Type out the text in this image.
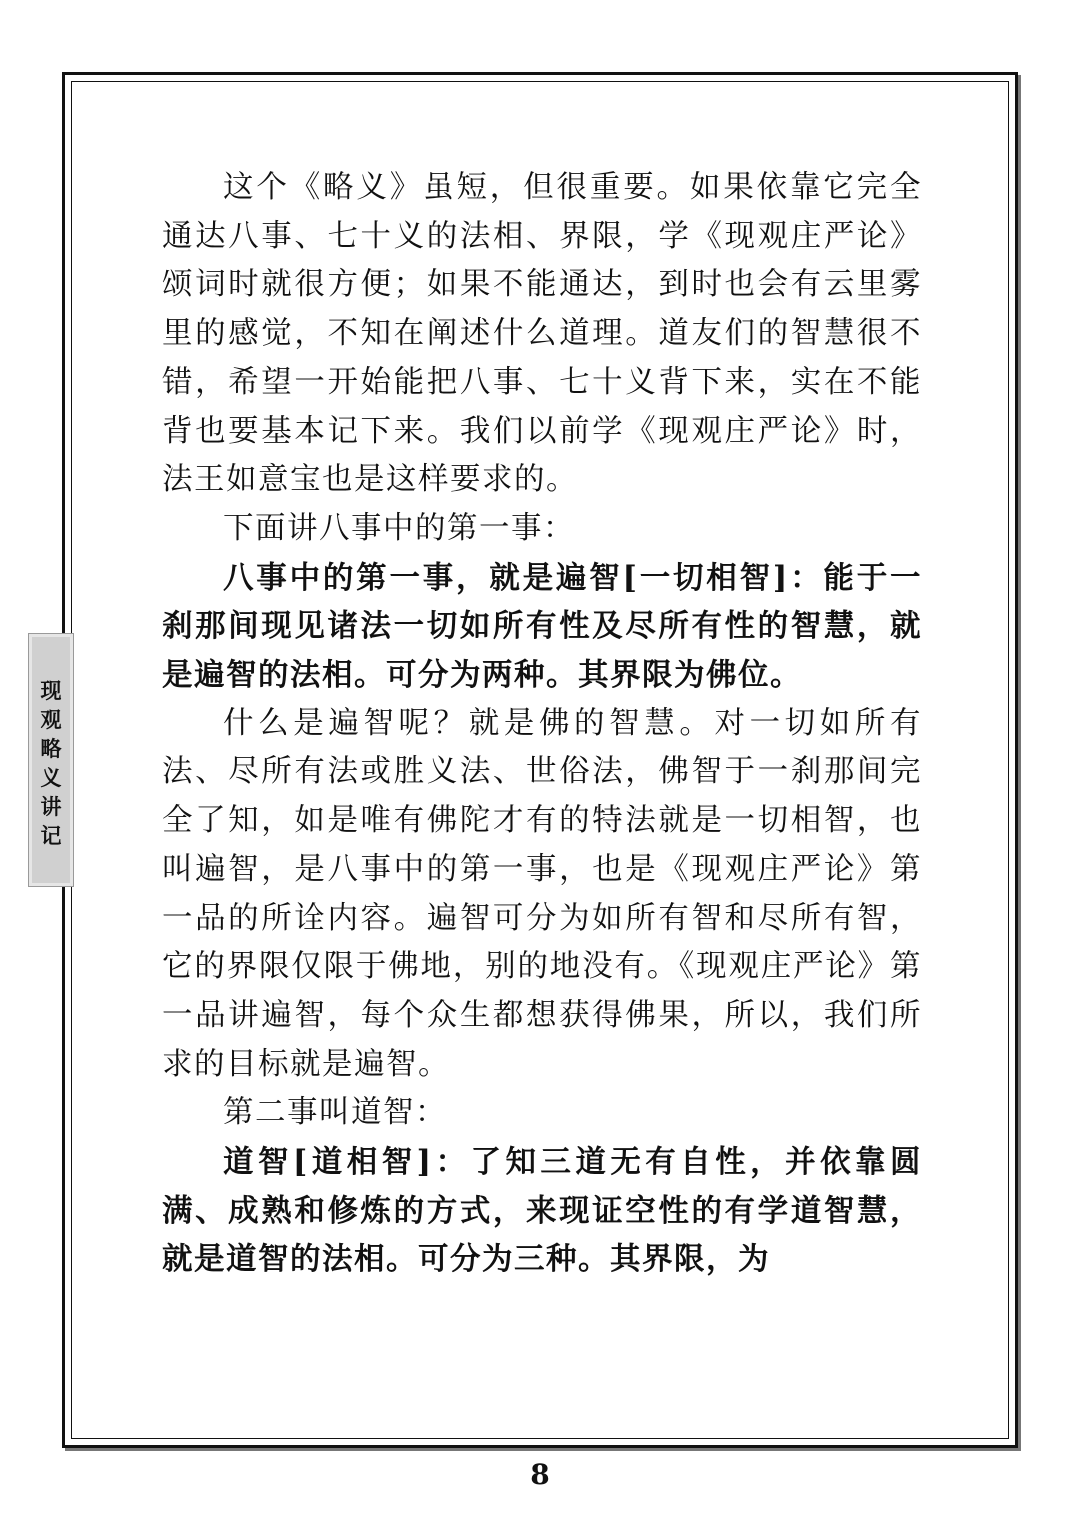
现
观
略
义
讲
记

这个《略义》虽短，但很重要。如果依靠它完全通达八事、七十义的法相、界限，学《现观庄严论》颂词时就很方便；如果不能通达，到时也会有云里雾里的感觉，不知在阐述什么道理。道友们的智慧很不错，希望一开始能把八事、七十义背下来，实在不能背也要基本记下来。我们以前学《现观庄严论》时，法王如意宝也是这样要求的。

下面讲八事中的第一事：

八事中的第一事，就是遍智[一切相智]：能于一刹那间现见诸法一切如所有性及尽所有性的智慧，就是遍智的法相。可分为两种。其界限为佛位。

什么是遍智呢？就是佛的智慧。对一切如所有法、尽所有法或胜义法、世俗法，佛智于一刹那间完全了知，如是唯有佛陀才有的特法就是一切相智，也叫遍智，是八事中的第一事，也是《现观庄严论》第一品的所诠内容。遍智可分为如所有智和尽所有智，它的界限仅限于佛地，别的地没有。《现观庄严论》第一品讲遍智，每个众生都想获得佛果，所以，我们所求的目标就是遍智。

第二事叫道智：

道智[道相智]：了知三道无有自性，并依靠圆满、成熟和修炼的方式，来现证空性的有学道智慧，就是道智的法相。可分为三种。其界限，为

8
